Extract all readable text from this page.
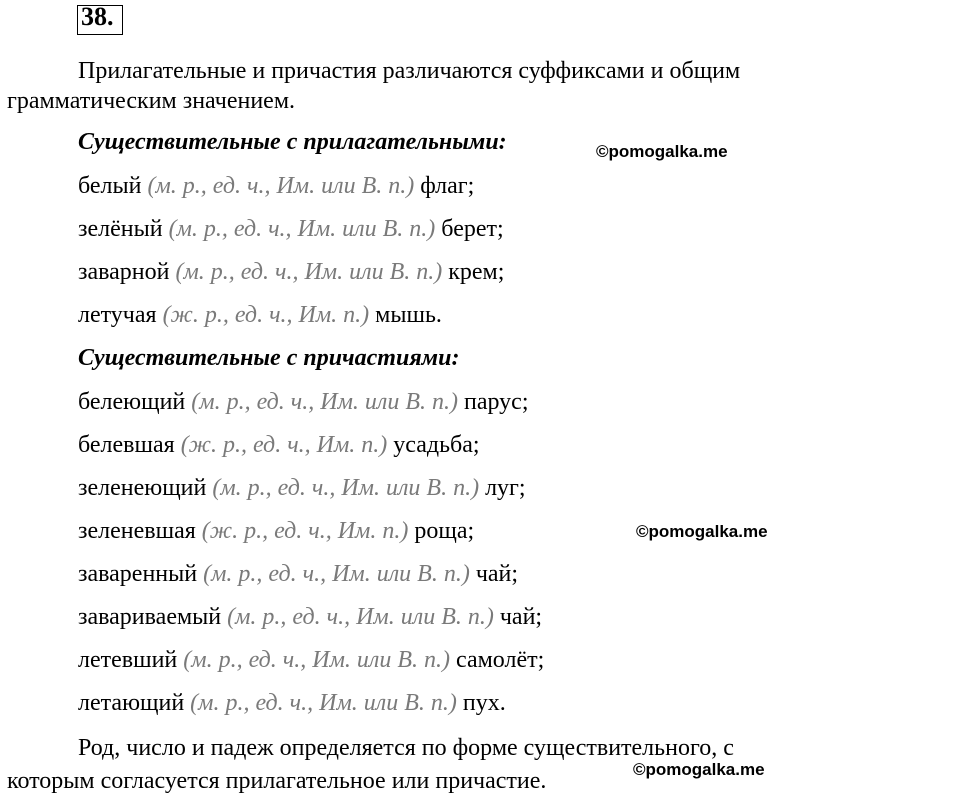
38.
Прилагательные и причастия различаются суффиксами и общим
грамматическим значением.
Существительные с прилагательными:	©pomogalka.me
белый (м. р., ед. ч., Им. или В. п.) флаг;
зелёный (м. р., ед. ч., Им. или В. п.) берет;
заварной (м. р., ед. ч., Им. или В. п.) крем;
летучая (ж. р., ед. ч., Им. п.) мышь.
Существительные с причастиями:
белеющий (м. р., ед. ч., Им. или В. п.) парус;
белевшая (ж. р., ед. ч., Им. п.) усадьба;
зеленеющий (м. р., ед. ч., Им. или В. п.) луг;
зеленевшая (ж. р., ед. ч., Им. п.) роща;	©pomogalka.me
заваренный (м. р., ед. ч., Им. или В. п.) чай;
завариваемый (м. р., ед. ч., Им. или В. п.) чай;
летевший (м. р., ед. ч., Им. или В. п.) самолёт;
летающий (м. р., ед. ч., Им. или В. п.) пух.
Род, число и падеж определяется по форме существительного, с
которым согласуется прилагательное или причастие.	©pomogalka.me
